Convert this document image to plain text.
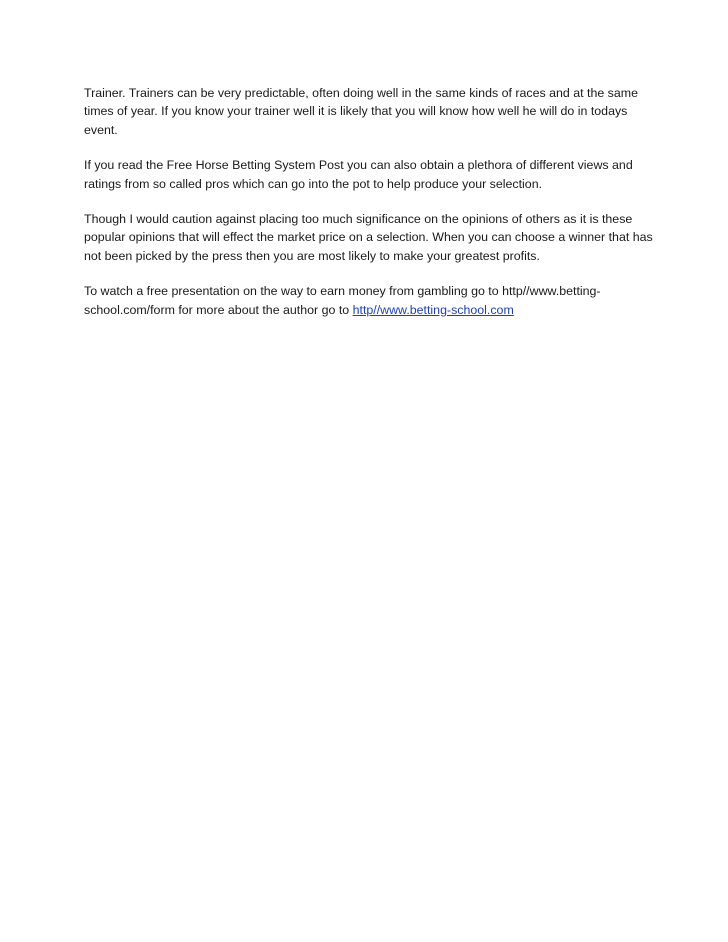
Trainer. Trainers can be very predictable, often doing well in the same kinds of races and at the same
times of year. If you know your trainer well it is likely that you will know how well he will do in todays
event.

If you read the Free Horse Betting System Post you can also obtain a plethora of different views and
ratings from so called pros which can go into the pot to help produce your selection.

Though I would caution against placing too much significance on the opinions of others as it is these
popular opinions that will effect the market price on a selection. When you can choose a winner that has
not been picked by the press then you are most likely to make your greatest profits.

To watch a free presentation on the way to earn money from gambling go to http//www.betting-
school.com/form for more about the author go to http//www.betting-school.com
